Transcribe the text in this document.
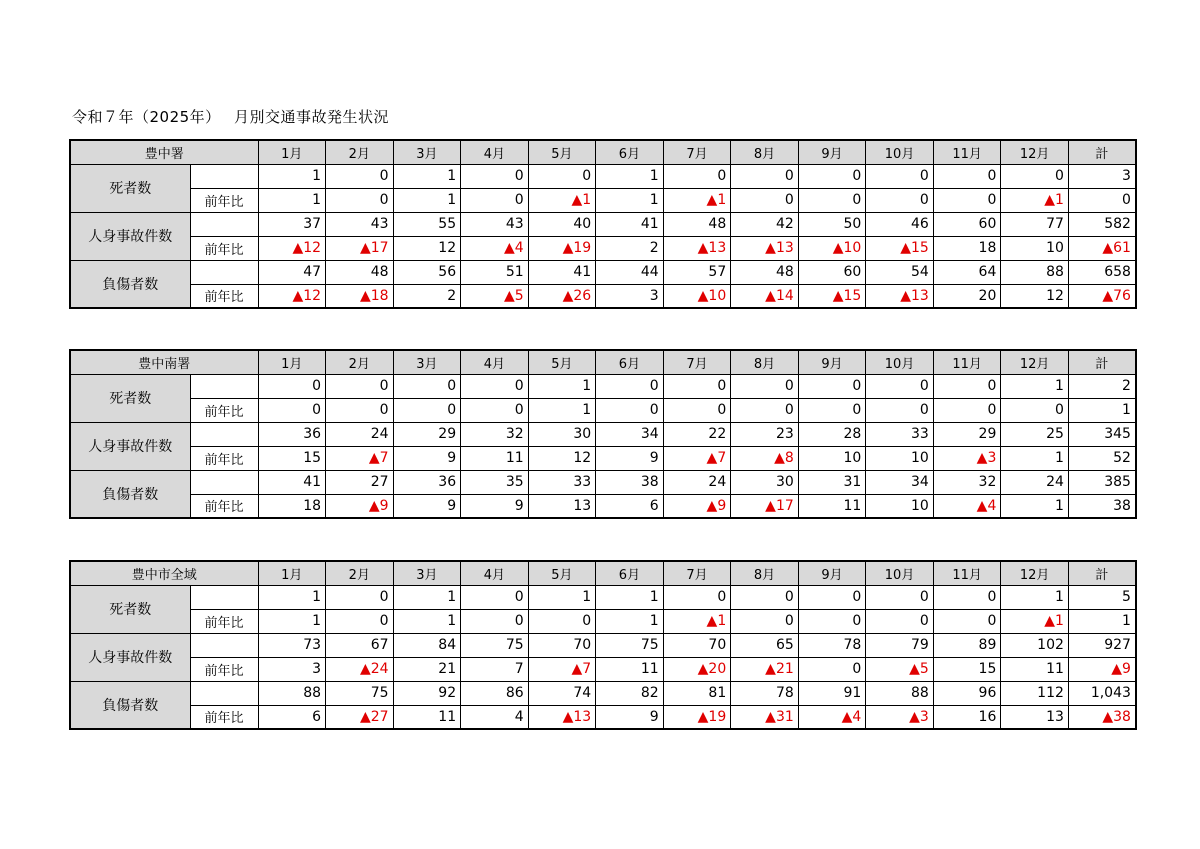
令和７年（2025年）　 月別交通事故発生状況
豊中署		1月	2月	3月	4月	5月	6月	7月	8月	9月	10月	11月	12月	計
死者数		1	0	1	0	0	1	0	0	0	0	0	0	3
	前年比	1	0	1	0	▲1	1	▲1	0	0	0	0	▲1	0
人身事故件数		37	43	55	43	40	41	48	42	50	46	60	77	582
	前年比	▲12	▲17	12	▲4	▲19	2	▲13	▲13	▲10	▲15	18	10	▲61
負傷者数		47	48	56	51	41	44	57	48	60	54	64	88	658
	前年比	▲12	▲18	2	▲5	▲26	3	▲10	▲14	▲15	▲13	20	12	▲76
豊中南署		1月	2月	3月	4月	5月	6月	7月	8月	9月	10月	11月	12月	計
死者数		0	0	0	0	1	0	0	0	0	0	0	1	2
	前年比	0	0	0	0	1	0	0	0	0	0	0	0	1
人身事故件数		36	24	29	32	30	34	22	23	28	33	29	25	345
	前年比	15	▲7	9	11	12	9	▲7	▲8	10	10	▲3	1	52
負傷者数		41	27	36	35	33	38	24	30	31	34	32	24	385
	前年比	18	▲9	9	9	13	6	▲9	▲17	11	10	▲4	1	38
豊中市全域		1月	2月	3月	4月	5月	6月	7月	8月	9月	10月	11月	12月	計
死者数		1	0	1	0	1	1	0	0	0	0	0	1	5
	前年比	1	0	1	0	0	1	▲1	0	0	0	0	▲1	1
人身事故件数		73	67	84	75	70	75	70	65	78	79	89	102	927
	前年比	3	▲24	21	7	▲7	11	▲20	▲21	0	▲5	15	11	▲9
負傷者数		88	75	92	86	74	82	81	78	91	88	96	112	1,043
	前年比	6	▲27	11	4	▲13	9	▲19	▲31	▲4	▲3	16	13	▲38
